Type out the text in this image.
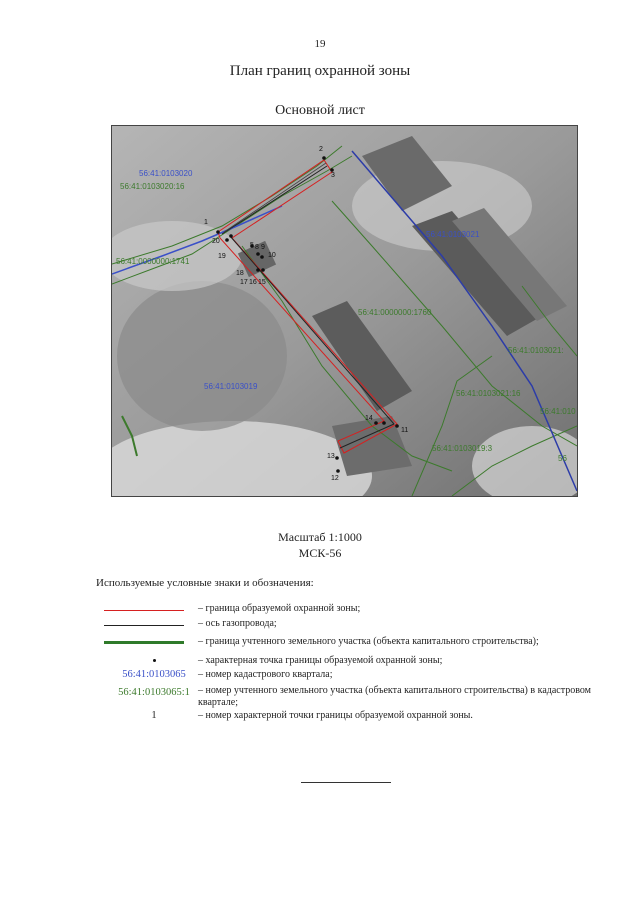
19
План границ охранной зоны
Основной лист
56:41:0103020
56:41:0103020:16
56:41:0000000:1741
56:41:0103021
56:41:0000000:1760
56:41:0103021:
56:41:0103019
56:41:0103021:16
56:41:010
56:41:0103019:3
56
2
3
1
20
19
5 8 9
10
18
17 16 15
14
11
13
12
Масштаб 1:1000
МСК-56
Используемые условные знаки и обозначения:
– граница образуемой охранной зоны;
– ось газопровода;
– граница учтенного земельного участка (объекта капитального строительства);
– характерная точка границы образуемой охранной зоны;
56:41:0103065	– номер кадастрового квартала;
56:41:0103065:1 – номер учтенного земельного участка (объекта капитального строительства) в кадастровом квартале;
1	– номер характерной точки границы образуемой охранной зоны.
